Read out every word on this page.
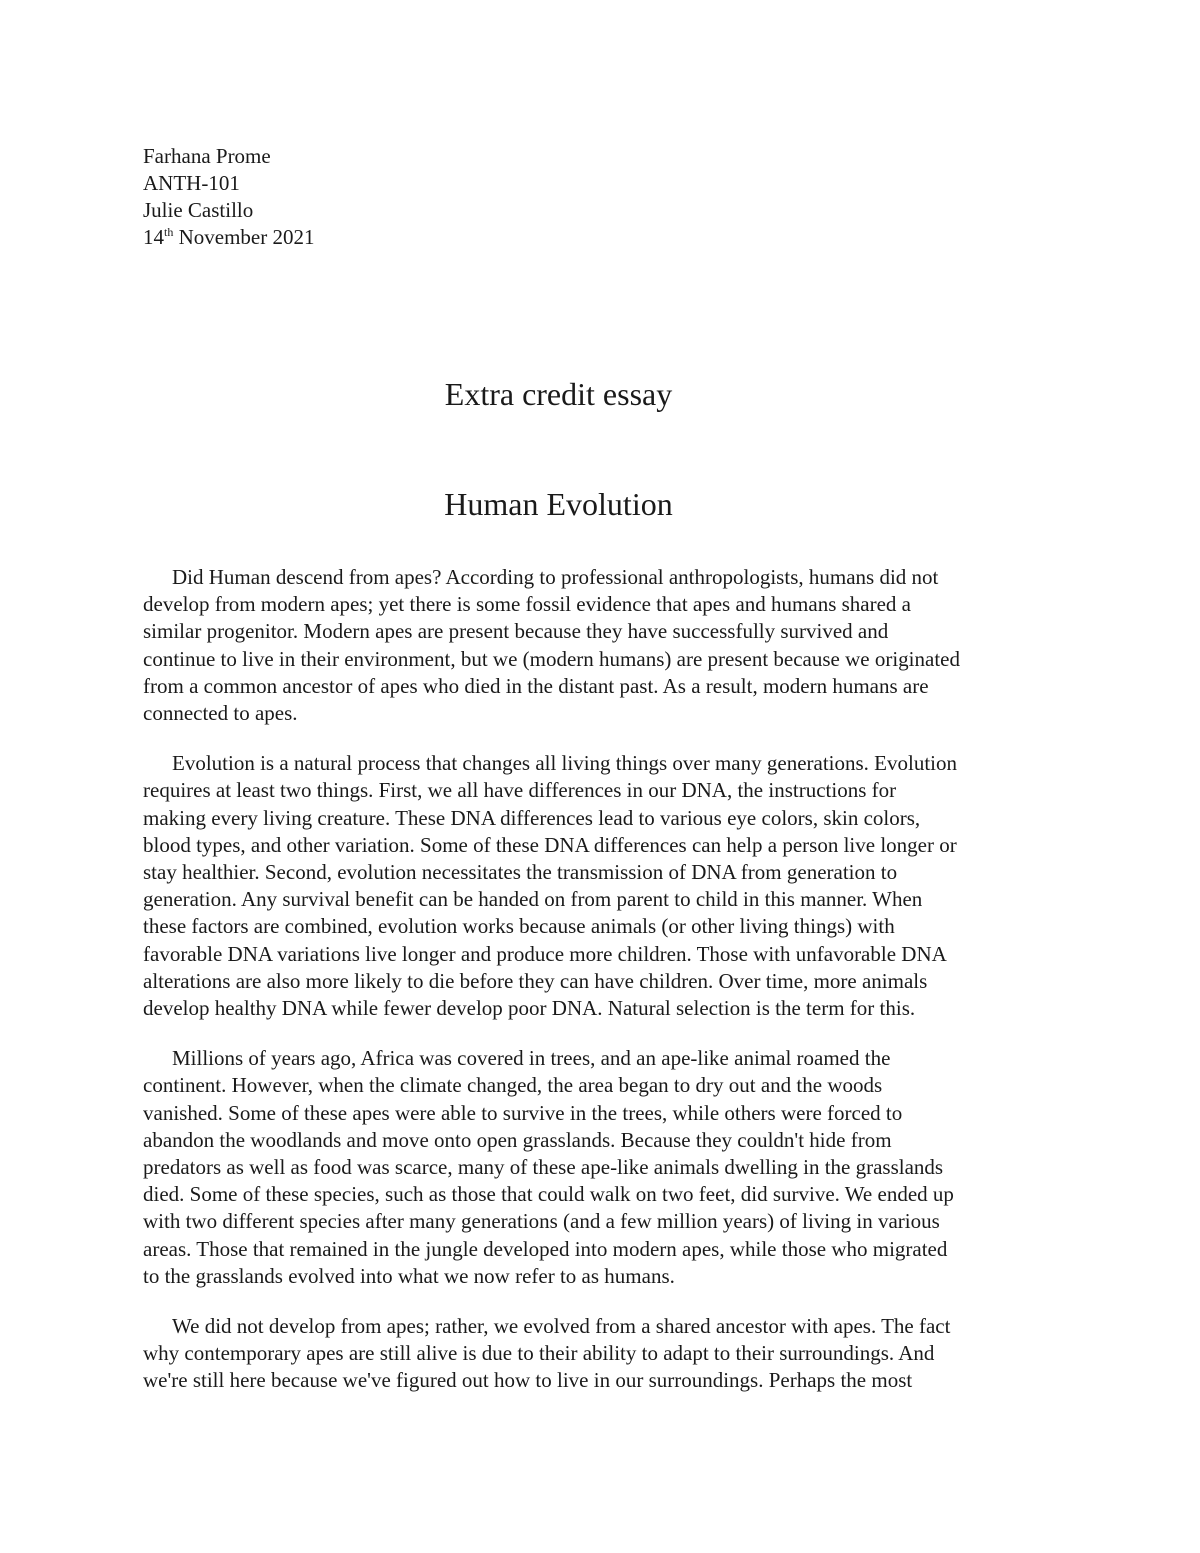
Farhana Prome
ANTH-101
Julie Castillo
14th November 2021
Extra credit essay
Human Evolution

Did Human descend from apes? According to professional anthropologists, humans did not
develop from modern apes; yet there is some fossil evidence that apes and humans shared a
similar progenitor. Modern apes are present because they have successfully survived and
continue to live in their environment, but we (modern humans) are present because we originated
from a common ancestor of apes who died in the distant past. As a result, modern humans are
connected to apes.

Evolution is a natural process that changes all living things over many generations. Evolution
requires at least two things. First, we all have differences in our DNA, the instructions for
making every living creature. These DNA differences lead to various eye colors, skin colors,
blood types, and other variation. Some of these DNA differences can help a person live longer or
stay healthier. Second, evolution necessitates the transmission of DNA from generation to
generation. Any survival benefit can be handed on from parent to child in this manner. When
these factors are combined, evolution works because animals (or other living things) with
favorable DNA variations live longer and produce more children. Those with unfavorable DNA
alterations are also more likely to die before they can have children. Over time, more animals
develop healthy DNA while fewer develop poor DNA. Natural selection is the term for this.

Millions of years ago, Africa was covered in trees, and an ape-like animal roamed the
continent. However, when the climate changed, the area began to dry out and the woods
vanished. Some of these apes were able to survive in the trees, while others were forced to
abandon the woodlands and move onto open grasslands. Because they couldn't hide from
predators as well as food was scarce, many of these ape-like animals dwelling in the grasslands
died. Some of these species, such as those that could walk on two feet, did survive. We ended up
with two different species after many generations (and a few million years) of living in various
areas. Those that remained in the jungle developed into modern apes, while those who migrated
to the grasslands evolved into what we now refer to as humans.

We did not develop from apes; rather, we evolved from a shared ancestor with apes. The fact
why contemporary apes are still alive is due to their ability to adapt to their surroundings. And
we're still here because we've figured out how to live in our surroundings. Perhaps the most
